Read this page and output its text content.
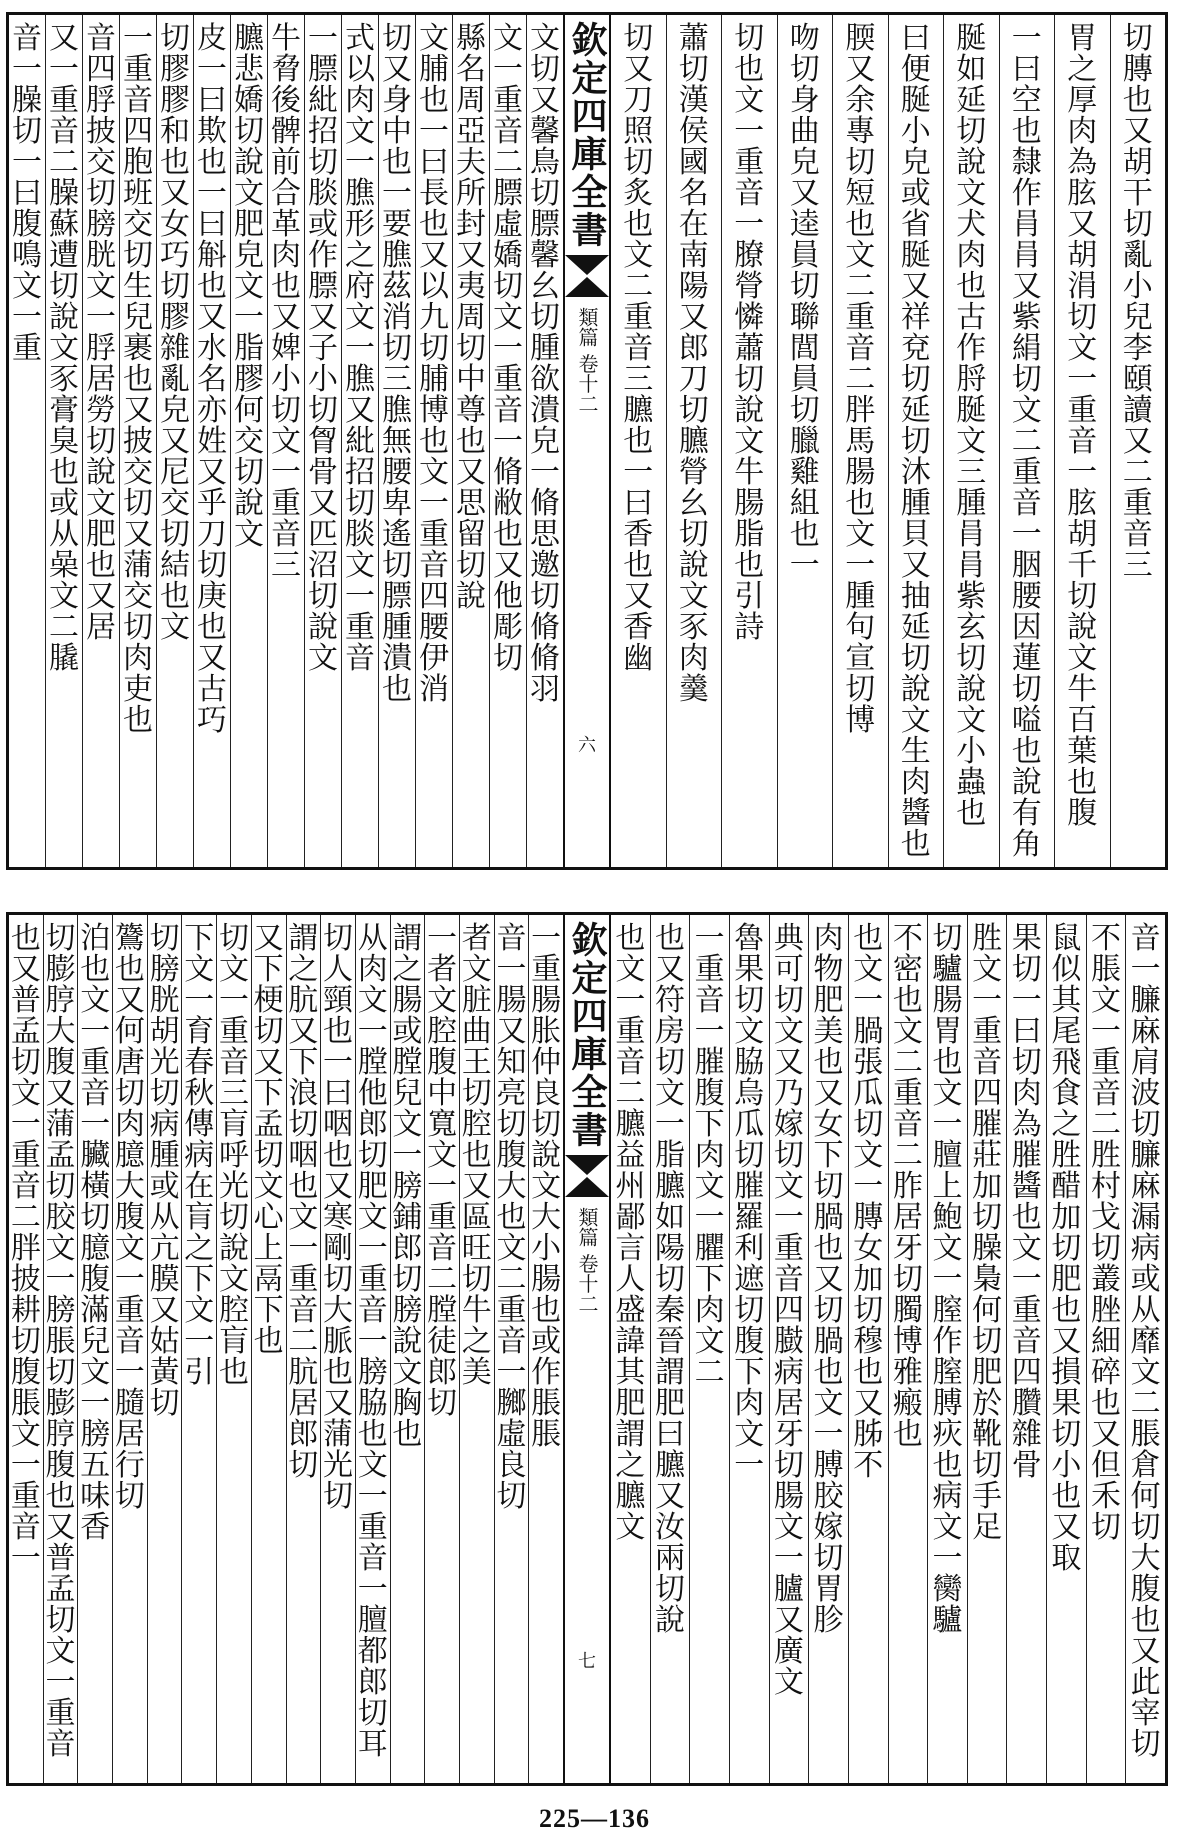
切
膞
也
又
胡
干
切
亂
小
兒
李
頤
讀
又
二
重
音
三
胃
之
厚
肉
為
胘
又
胡
涓
切
文
一
重
音
一
胘
胡
千
切
說
文
牛
百
葉
也
腹
一
曰
空
也
隸
作
肙
肙
又
紫
絹
切
文
二
重
音
一
胭
腰
因
蓮
切
嗌
也
說
有
角
脠
如
延
切
說
文
犬
肉
也
古
作
脟
脠
文
三
腫
肙
肙
紫
玄
切
說
文
小
蟲
也
曰
便
脠
小
皃
或
省
脠
又
祥
兗
切
延
切
沐
腫
貝
又
抽
延
切
說
文
生
肉
醬
也
腝
又
余
專
切
短
也
文
二
重
音
二
胖
馬
腸
也
文
一
腫
句
宣
切
博
吻
切
身
曲
皃
又
逵
員
切
聯
閭
員
切
臘
雞
組
也
一
切
也
文
一
重
音
一
膫
膋
憐
蕭
切
說
文
牛
腸
脂
也
引
詩
蕭
切
漢
侯
國
名
在
南
陽
又
郎
刀
切
臕
膋
幺
切
說
文
豕
肉
羹
切
又
刀
照
切
炙
也
文
二
重
音
三
臕
也
一
曰
香
也
又
香
幽
欽定四庫全書
類篇 卷十二
六
文
切
又
馨
鳥
切
膘
馨
幺
切
腫
欲
潰
皃
一
脩
思
邀
切
脩
脩
羽
文
一
重
音
二
膘
虛
嬌
切
文
一
重
音
一
脩
敝
也
又
他
彫
切
縣
名
周
亞
夫
所
封
又
夷
周
切
中
尊
也
又
思
留
切
說
文
脯
也
一
曰
長
也
又
以
九
切
脯
博
也
文
一
重
音
四
腰
伊
消
切
又
身
中
也
一
要
膲
茲
消
切
三
膲
無
腰
卑
遙
切
膘
腫
潰
也
式
以
肉
文
一
膲
形
之
府
文
一
膲
又
紕
招
切
腅
文
一
重
音
一
膘
紕
招
切
腅
或
作
膘
又
子
小
切
胷
骨
又
匹
沼
切
說
文
牛
脅
後
髀
前
合
革
肉
也
又
婢
小
切
文
一
重
音
三
臕
悲
嬌
切
說
文
肥
皃
文
一
脂
膠
何
交
切
說
文
皮
一
曰
欺
也
一
曰
斛
也
又
水
名
亦
姓
又
乎
刀
切
庚
也
又
古
巧
切
膠
膠
和
也
又
女
巧
切
膠
雜
亂
皃
又
尼
交
切
結
也
文
一
重
音
四
胞
班
交
切
生
兒
裹
也
又
披
交
切
又
蒲
交
切
肉
吏
也
音
四
脬
披
交
切
膀
胱
文
一
脬
居
勞
切
說
文
肥
也
又
居
又
一
重
音
二
臊
蘇
遭
切
說
文
豕
膏
臭
也
或
从
喿
文
二
膬
音
一
臊
切
一
曰
腹
鳴
文
一
重
音
一
臁
麻
肩
波
切
臁
麻
漏
病
或
从
靡
文
二
脹
倉
何
切
大
腹
也
又
此
宰
切
不
脹
文
一
重
音
二
胜
村
戈
切
叢
脞
細
碎
也
又
但
禾
切
鼠
似
其
尾
飛
食
之
胜
醋
加
切
肥
也
又
損
果
切
小
也
又
取
果
切
一
曰
切
肉
為
膗
醬
也
文
一
重
音
四
臢
雜
骨
胜
文
一
重
音
四
膗
莊
加
切
臊
梟
何
切
肥
於
靴
切
手
足
切
驢
腸
胃
也
文
一
膻
上
鮑
文
一
膣
作
膣
膊
疢
也
病
文
一
臠
驢
不
密
也
文
二
重
音
二
胙
居
牙
切
臅
博
雅
瘢
也
也
文
一
腡
張
瓜
切
文
一
膞
女
加
切
穆
也
又
胏
不
肉
物
肥
美
也
又
女
下
切
腡
也
又
切
腡
也
文
一
膊
胶
嫁
切
胃
胗
典
可
切
文
又
乃
嫁
切
文
一
重
音
四
臌
病
居
牙
切
腸
文
一
臚
又
廣
文
魯
果
切
文
脇
烏
瓜
切
膗
羅
利
遮
切
腹
下
肉
文
一
一
重
音
一
膗
腹
下
肉
文
一
臞
下
肉
文
二
也
又
符
房
切
文
一
脂
臕
如
陽
切
秦
晉
謂
肥
曰
臕
又
汝
兩
切
說
也
文
一
重
音
二
臕
益
州
鄙
言
人
盛
諱
其
肥
謂
之
臕
文
欽定四庫全書
類篇 卷十二
七
一
重
腸
胀
仲
良
切
說
文
大
小
腸
也
或
作
脹
脹
音
一
腸
又
知
亮
切
腹
大
也
文
二
重
音
一
膷
虛
良
切
者
文
脏
曲
王
切
腔
也
又
區
旺
切
牛
之
美
一
者
文
腔
腹
中
寬
文
一
重
音
二
膛
徒
郎
切
謂
之
腸
或
膛
兒
文
一
膀
鋪
郎
切
膀
說
文
胸
也
从
肉
文
一
膛
他
郎
切
肥
文
一
重
音
一
膀
脇
也
文
一
重
音
一
膻
都
郎
切
耳
切
人
頸
也
一
曰
咽
也
又
寒
剛
切
大
脈
也
又
蒲
光
切
謂
之
肮
又
下
浪
切
咽
也
文
一
重
音
二
肮
居
郎
切
又
下
梗
切
又
下
孟
切
文
心
上
鬲
下
也
切
文
一
重
音
三
肓
呼
光
切
說
文
腔
肓
也
下
文
一
育
春
秋
傳
病
在
肓
之
下
文
一
引
切
膀
胱
胡
光
切
病
腫
或
从
亢
膜
又
姑
黃
切
鷟
也
又
何
唐
切
肉
臆
大
腹
文
一
重
音
一
膸
居
行
切
泊
也
文
一
重
音
一
臟
橫
切
臆
腹
滿
兒
文
一
膀
五
味
香
切
膨
脝
大
腹
又
蒲
孟
切
胶
文
一
膀
脹
切
膨
脝
腹
也
又
普
孟
切
文
一
重
音
也
又
普
孟
切
文
一
重
音
二
胖
披
耕
切
腹
脹
文
一
重
音
一
225—136
